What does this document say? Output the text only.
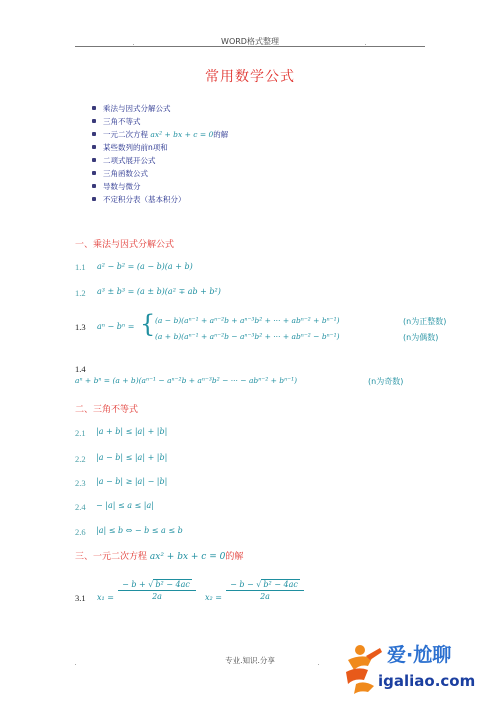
WORD格式整理
常用数学公式
乘法与因式分解公式
三角不等式
一元二次方程 ax² + bx + c = 0的解
某些数列的前n项和
二项式展开公式
三角函数公式
导数与微分
不定积分表（基本积分）
一、乘法与因式分解公式
1.1 a² − b² = (a − b)(a + b)
1.2 a³ ± b³ = (a ± b)(a² ∓ ab + b²)
1.3 aⁿ − bⁿ = { (a − b)(aⁿ⁻¹ + aⁿ⁻²b + aⁿ⁻³b² + ··· + abⁿ⁻² + bⁿ⁻¹)	(n为正整数)
(a + b)(aⁿ⁻¹ + aⁿ⁻²b − aⁿ⁻³b² + ··· + abⁿ⁻² − bⁿ⁻¹)	(n为偶数)
1.4
aⁿ + bⁿ = (a + b)(aⁿ⁻¹ − aⁿ⁻²b + aⁿ⁻³b² − ··· − abⁿ⁻² + bⁿ⁻¹)	(n为奇数)
二、三角不等式
2.1 |a + b| ≤ |a| + |b|
2.2 |a − b| ≤ |a| + |b|
2.3 |a − b| ≥ |a| − |b|
2.4 − |a| ≤ a ≤ |a|
2.6 |a| ≤ b ⇔ − b ≤ a ≤ b
三、一元二次方程 ax² + bx + c = 0的解
3.1 x₁ =
− b + √ b² − 4ac
2a	x₂ =
− b − √ b² − 4ac
2a
专业.知识.分享	爱·尬聊
igaliao.com
